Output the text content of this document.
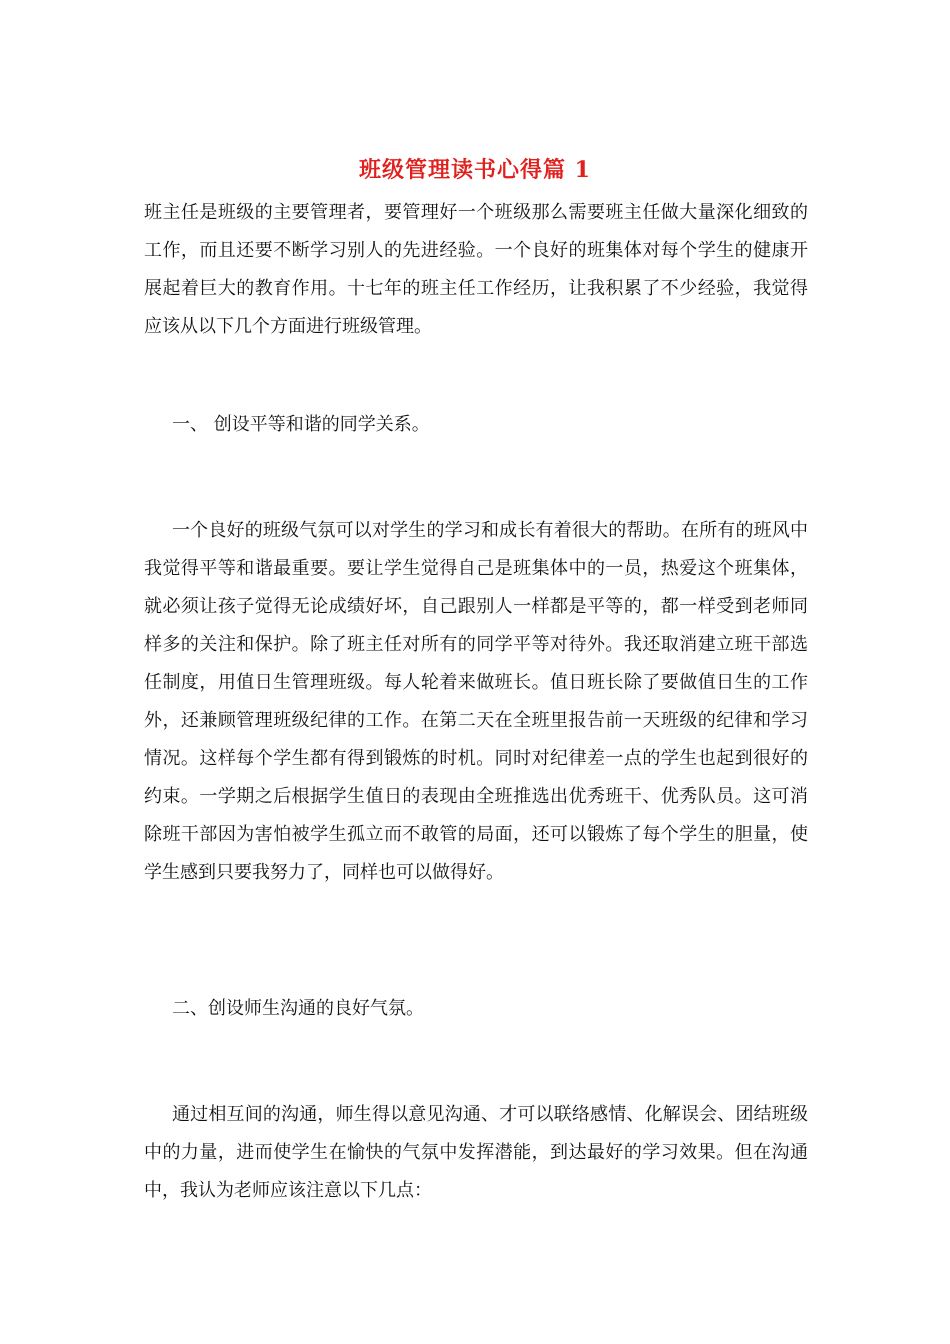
班级管理读书心得篇 1
班主任是班级的主要管理者，要管理好一个班级那么需要班主任做大量深化细致的工作，而且还要不断学习别人的先进经验。一个良好的班集体对每个学生的健康开展起着巨大的教育作用。十七年的班主任工作经历，让我积累了不少经验，我觉得应该从以下几个方面进行班级管理。
一、 创设平等和谐的同学关系。
一个良好的班级气氛可以对学生的学习和成长有着很大的帮助。在所有的班风中我觉得平等和谐最重要。要让学生觉得自己是班集体中的一员，热爱这个班集体，就必须让孩子觉得无论成绩好坏，自己跟别人一样都是平等的，都一样受到老师同样多的关注和保护。除了班主任对所有的同学平等对待外。我还取消建立班干部选任制度，用值日生管理班级。每人轮着来做班长。值日班长除了要做值日生的工作外，还兼顾管理班级纪律的工作。在第二天在全班里报告前一天班级的纪律和学习情况。这样每个学生都有得到锻炼的时机。同时对纪律差一点的学生也起到很好的约束。一学期之后根据学生值日的表现由全班推选出优秀班干、优秀队员。这可消除班干部因为害怕被学生孤立而不敢管的局面，还可以锻炼了每个学生的胆量，使学生感到只要我努力了，同样也可以做得好。
二、创设师生沟通的良好气氛。
通过相互间的沟通，师生得以意见沟通、才可以联络感情、化解误会、团结班级中的力量，进而使学生在愉快的气氛中发挥潜能，到达最好的学习效果。但在沟通中，我认为老师应该注意以下几点：
